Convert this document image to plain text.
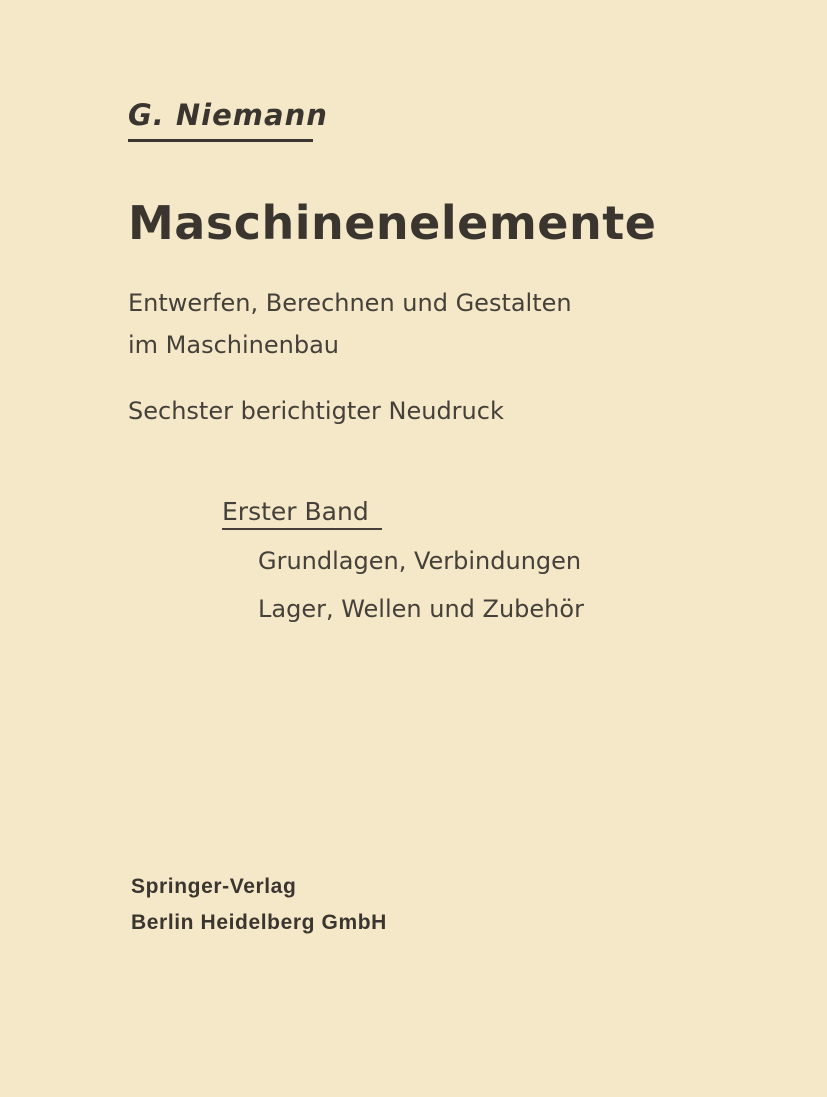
G. Niemann
Maschinenelemente
Entwerfen, Berechnen und Gestalten
im Maschinenbau
Sechster berichtigter Neudruck
Erster Band
Grundlagen, Verbindungen
Lager, Wellen und Zubehör
Springer-Verlag
Berlin Heidelberg GmbH
